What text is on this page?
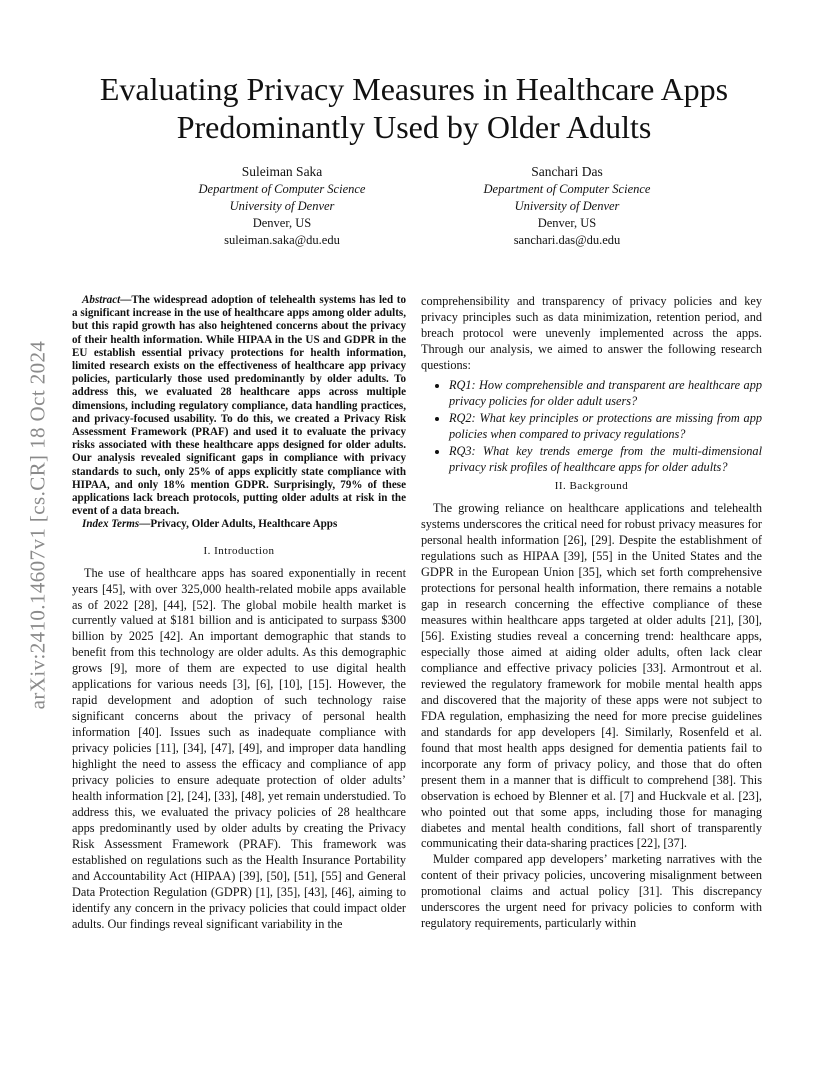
arXiv:2410.14607v1 [cs.CR] 18 Oct 2024
Evaluating Privacy Measures in Healthcare Apps Predominantly Used by Older Adults
Suleiman Saka
Department of Computer Science
University of Denver
Denver, US
suleiman.saka@du.edu
Sanchari Das
Department of Computer Science
University of Denver
Denver, US
sanchari.das@du.edu

Abstract—The widespread adoption of telehealth systems has led to a significant increase in the use of healthcare apps among older adults, but this rapid growth has also heightened concerns about the privacy of their health information. While HIPAA in the US and GDPR in the EU establish essential privacy protections for health information, limited research exists on the effectiveness of healthcare app privacy policies, particularly those used predominantly by older adults. To address this, we evaluated 28 healthcare apps across multiple dimensions, including regulatory compliance, data handling practices, and privacy-focused usability. To do this, we created a Privacy Risk Assessment Framework (PRAF) and used it to evaluate the privacy risks associated with these healthcare apps designed for older adults. Our analysis revealed significant gaps in compliance with privacy standards to such, only 25% of apps explicitly state compliance with HIPAA, and only 18% mention GDPR. Surprisingly, 79% of these applications lack breach protocols, putting older adults at risk in the event of a data breach.

Index Terms—Privacy, Older Adults, Healthcare Apps

I. Introduction

The use of healthcare apps has soared exponentially in recent years [45], with over 325,000 health-related mobile apps available as of 2022 [28], [44], [52]. The global mobile health market is currently valued at $181 billion and is anticipated to surpass $300 billion by 2025 [42]. An important demographic that stands to benefit from this technology are older adults. As this demographic grows [9], more of them are expected to use digital health applications for various needs [3], [6], [10], [15]. However, the rapid development and adoption of such technology raise significant concerns about the privacy of personal health information [40]. Issues such as inadequate compliance with privacy policies [11], [34], [47], [49], and improper data handling highlight the need to assess the efficacy and compliance of app privacy policies to ensure adequate protection of older adults’ health information [2], [24], [33], [48], yet remain understudied. To address this, we evaluated the privacy policies of 28 healthcare apps predominantly used by older adults by creating the Privacy Risk Assessment Framework (PRAF). This framework was established on regulations such as the Health Insurance Portability and Accountability Act (HIPAA) [39], [50], [51], [55] and General Data Protection Regulation (GDPR) [1], [35], [43], [46], aiming to identify any concern in the privacy policies that could impact older adults. Our findings reveal significant variability in the

comprehensibility and transparency of privacy policies and key privacy principles such as data minimization, retention period, and breach protocol were unevenly implemented across the apps. Through our analysis, we aimed to answer the following research questions:

• RQ1: How comprehensible and transparent are healthcare app privacy policies for older adult users?
• RQ2: What key principles or protections are missing from app policies when compared to privacy regulations?
• RQ3: What key trends emerge from the multi-dimensional privacy risk profiles of healthcare apps for older adults?
II. Background

The growing reliance on healthcare applications and telehealth systems underscores the critical need for robust privacy measures for personal health information [26], [29]. Despite the establishment of regulations such as HIPAA [39], [55] in the United States and the GDPR in the European Union [35], which set forth comprehensive protections for personal health information, there remains a notable gap in research concerning the effective compliance of these measures within healthcare apps targeted at older adults [21], [30], [56]. Existing studies reveal a concerning trend: healthcare apps, especially those aimed at aiding older adults, often lack clear compliance and effective privacy policies [33]. Armontrout et al. reviewed the regulatory framework for mobile mental health apps and discovered that the majority of these apps were not subject to FDA regulation, emphasizing the need for more precise guidelines and standards for app developers [4]. Similarly, Rosenfeld et al. found that most health apps designed for dementia patients fail to incorporate any form of privacy policy, and those that do often present them in a manner that is difficult to comprehend [38]. This observation is echoed by Blenner et al. [7] and Huckvale et al. [23], who pointed out that some apps, including those for managing diabetes and mental health conditions, fall short of transparently communicating their data-sharing practices [22], [37].

Mulder compared app developers’ marketing narratives with the content of their privacy policies, uncovering misalignment between promotional claims and actual policy [31]. This discrepancy underscores the urgent need for privacy policies to conform with regulatory requirements, particularly within
